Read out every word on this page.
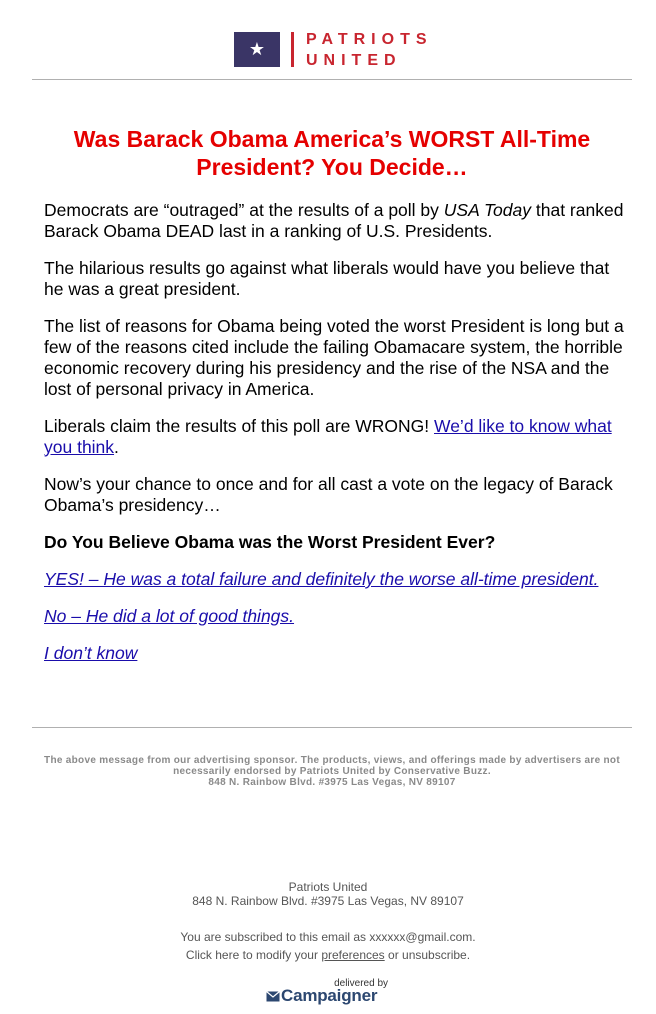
★	PATRIOTS
UNITED
Was Barack Obama America’s WORST All-Time President? You Decide…

Democrats are “outraged” at the results of a poll by USA Today that ranked Barack Obama DEAD last in a ranking of U.S. Presidents.

The hilarious results go against what liberals would have you believe that he was a great president.

The list of reasons for Obama being voted the worst President is long but a few of the reasons cited include the failing Obamacare system, the horrible economic recovery during his presidency and the rise of the NSA and the lost of personal privacy in America.

Liberals claim the results of this poll are WRONG! We’d like to know what you think.

Now’s your chance to once and for all cast a vote on the legacy of Barack Obama’s presidency…

Do You Believe Obama was the Worst President Ever?

YES! – He was a total failure and definitely the worse all-time president.

No – He did a lot of good things.

I don’t know

The above message from our advertising sponsor. The products, views, and offerings made by advertisers are not necessarily endorsed by Patriots United by Conservative Buzz.
848 N. Rainbow Blvd. #3975 Las Vegas, NV 89107
Patriots United
848 N. Rainbow Blvd. #3975 Las Vegas, NV 89107
You are subscribed to this email as xxxxxx@gmail.com.
Click here to modify your preferences or unsubscribe.
delivered by
Campaigner
